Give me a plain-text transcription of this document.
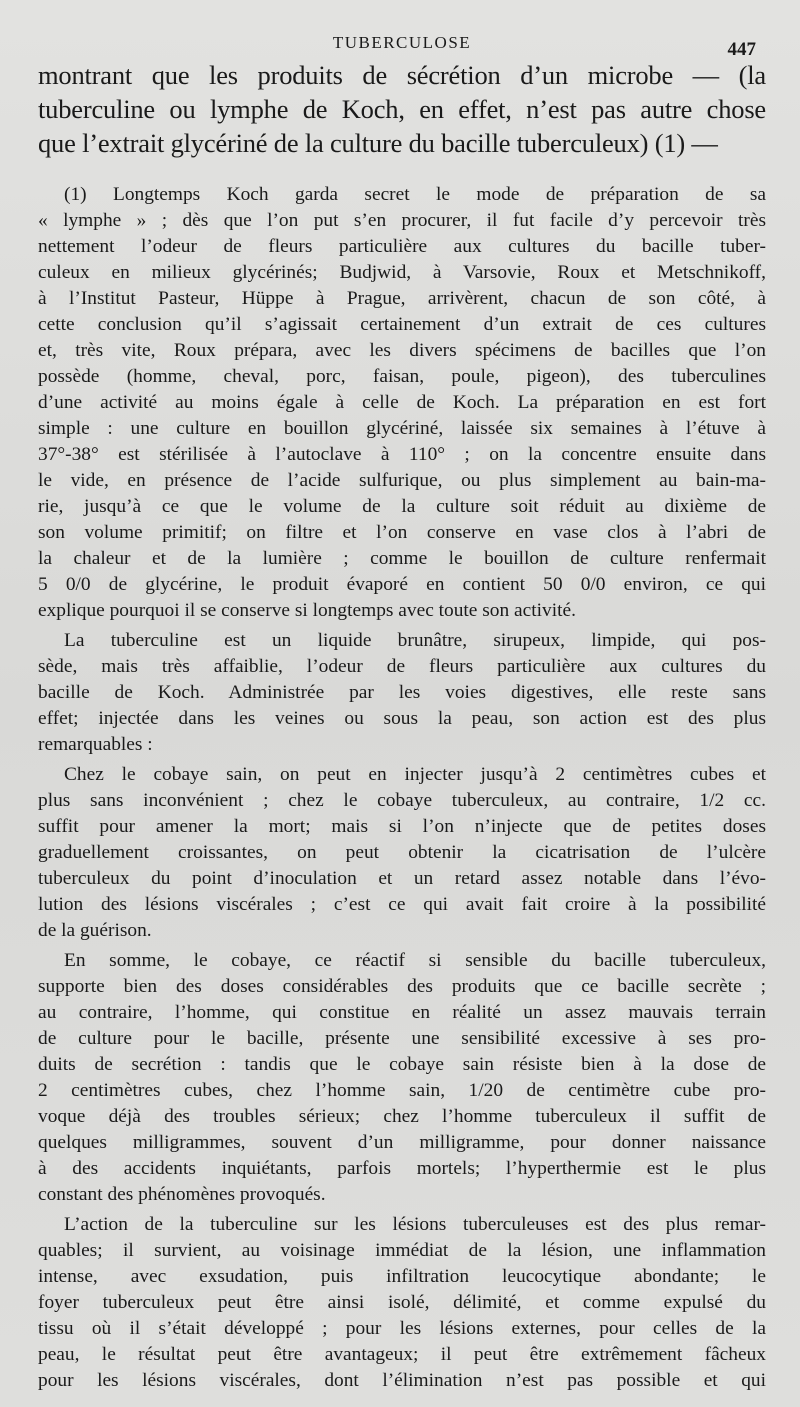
TUBERCULOSE	447
montrant que les produits de sécrétion d’un microbe — (la
tuberculine ou lymphe de Koch, en effet, n’est pas autre chose
que l’extrait glycériné de la culture du bacille tuberculeux) (1) —

(1) Longtemps Koch garda secret le mode de préparation de sa
« lymphe » ; dès que l’on put s’en procurer, il fut facile d’y percevoir très
nettement l’odeur de fleurs particulière aux cultures du bacille tuber-
culeux en milieux glycérinés; Budjwid, à Varsovie, Roux et Metschnikoff,
à l’Institut Pasteur, Hüppe à Prague, arrivèrent, chacun de son côté, à
cette conclusion qu’il s’agissait certainement d’un extrait de ces cultures
et, très vite, Roux prépara, avec les divers spécimens de bacilles que l’on
possède (homme, cheval, porc, faisan, poule, pigeon), des tuberculines
d’une activité au moins égale à celle de Koch. La préparation en est fort
simple : une culture en bouillon glycériné, laissée six semaines à l’étuve à
37°-38° est stérilisée à l’autoclave à 110° ; on la concentre ensuite dans
le vide, en présence de l’acide sulfurique, ou plus simplement au bain-ma-
rie, jusqu’à ce que le volume de la culture soit réduit au dixième de
son volume primitif; on filtre et l’on conserve en vase clos à l’abri de
la chaleur et de la lumière ; comme le bouillon de culture renfermait
5 0/0 de glycérine, le produit évaporé en contient 50 0/0 environ, ce qui
explique pourquoi il se conserve si longtemps avec toute son activité.

La tuberculine est un liquide brunâtre, sirupeux, limpide, qui pos-
sède, mais très affaiblie, l’odeur de fleurs particulière aux cultures du
bacille de Koch. Administrée par les voies digestives, elle reste sans
effet; injectée dans les veines ou sous la peau, son action est des plus
remarquables :

Chez le cobaye sain, on peut en injecter jusqu’à 2 centimètres cubes et
plus sans inconvénient ; chez le cobaye tuberculeux, au contraire, 1/2 cc.
suffit pour amener la mort; mais si l’on n’injecte que de petites doses
graduellement croissantes, on peut obtenir la cicatrisation de l’ulcère
tuberculeux du point d’inoculation et un retard assez notable dans l’évo-
lution des lésions viscérales ; c’est ce qui avait fait croire à la possibilité
de la guérison.

En somme, le cobaye, ce réactif si sensible du bacille tuberculeux,
supporte bien des doses considérables des produits que ce bacille secrète ;
au contraire, l’homme, qui constitue en réalité un assez mauvais terrain
de culture pour le bacille, présente une sensibilité excessive à ses pro-
duits de secrétion : tandis que le cobaye sain résiste bien à la dose de
2 centimètres cubes, chez l’homme sain, 1/20 de centimètre cube pro-
voque déjà des troubles sérieux; chez l’homme tuberculeux il suffit de
quelques milligrammes, souvent d’un milligramme, pour donner naissance
à des accidents inquiétants, parfois mortels; l’hyperthermie est le plus
constant des phénomènes provoqués.

L’action de la tuberculine sur les lésions tuberculeuses est des plus remar-
quables; il survient, au voisinage immédiat de la lésion, une inflammation
intense, avec exsudation, puis infiltration leucocytique abondante; le
foyer tuberculeux peut être ainsi isolé, délimité, et comme expulsé du
tissu où il s’était développé ; pour les lésions externes, pour celles de la
peau, le résultat peut être avantageux; il peut être extrêmement fâcheux
pour les lésions viscérales, dont l’élimination n’est pas possible et qui
